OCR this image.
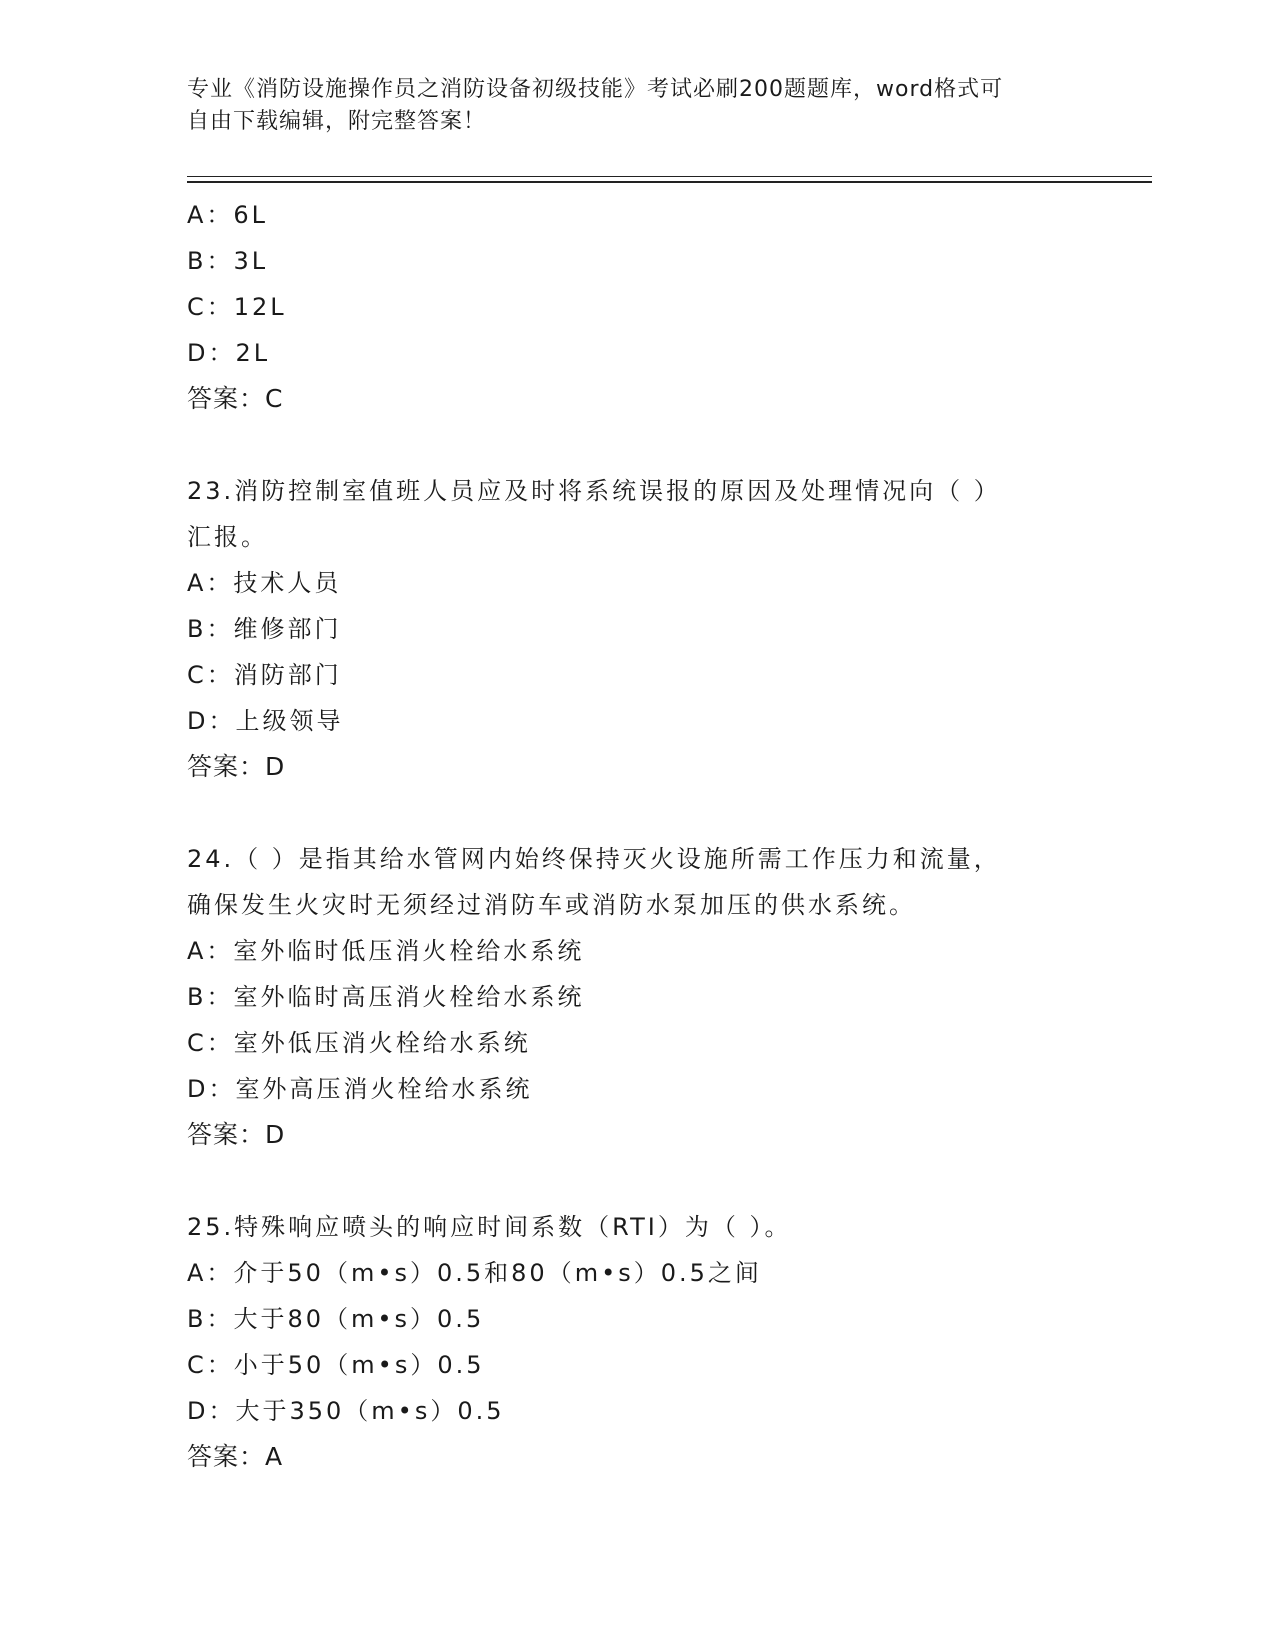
专业《消防设施操作员之消防设备初级技能》考试必刷200题题库，word格式可
自由下载编辑，附完整答案！
A：6L
B：3L
C：12L
D：2L
答案：C
23.消防控制室值班人员应及时将系统误报的原因及处理情况向（ ）
汇报。
A：技术人员
B：维修部门
C：消防部门
D：上级领导
答案：D
24.（ ）是指其给水管网内始终保持灭火设施所需工作压力和流量，
确保发生火灾时无须经过消防车或消防水泵加压的供水系统。
A：室外临时低压消火栓给水系统
B：室外临时高压消火栓给水系统
C：室外低压消火栓给水系统
D：室外高压消火栓给水系统
答案：D
25.特殊响应喷头的响应时间系数（RTI）为（ ）。
A：介于50（m•s）0.5和80（m•s）0.5之间
B：大于80（m•s）0.5
C：小于50（m•s）0.5
D：大于350（m•s）0.5
答案：A
